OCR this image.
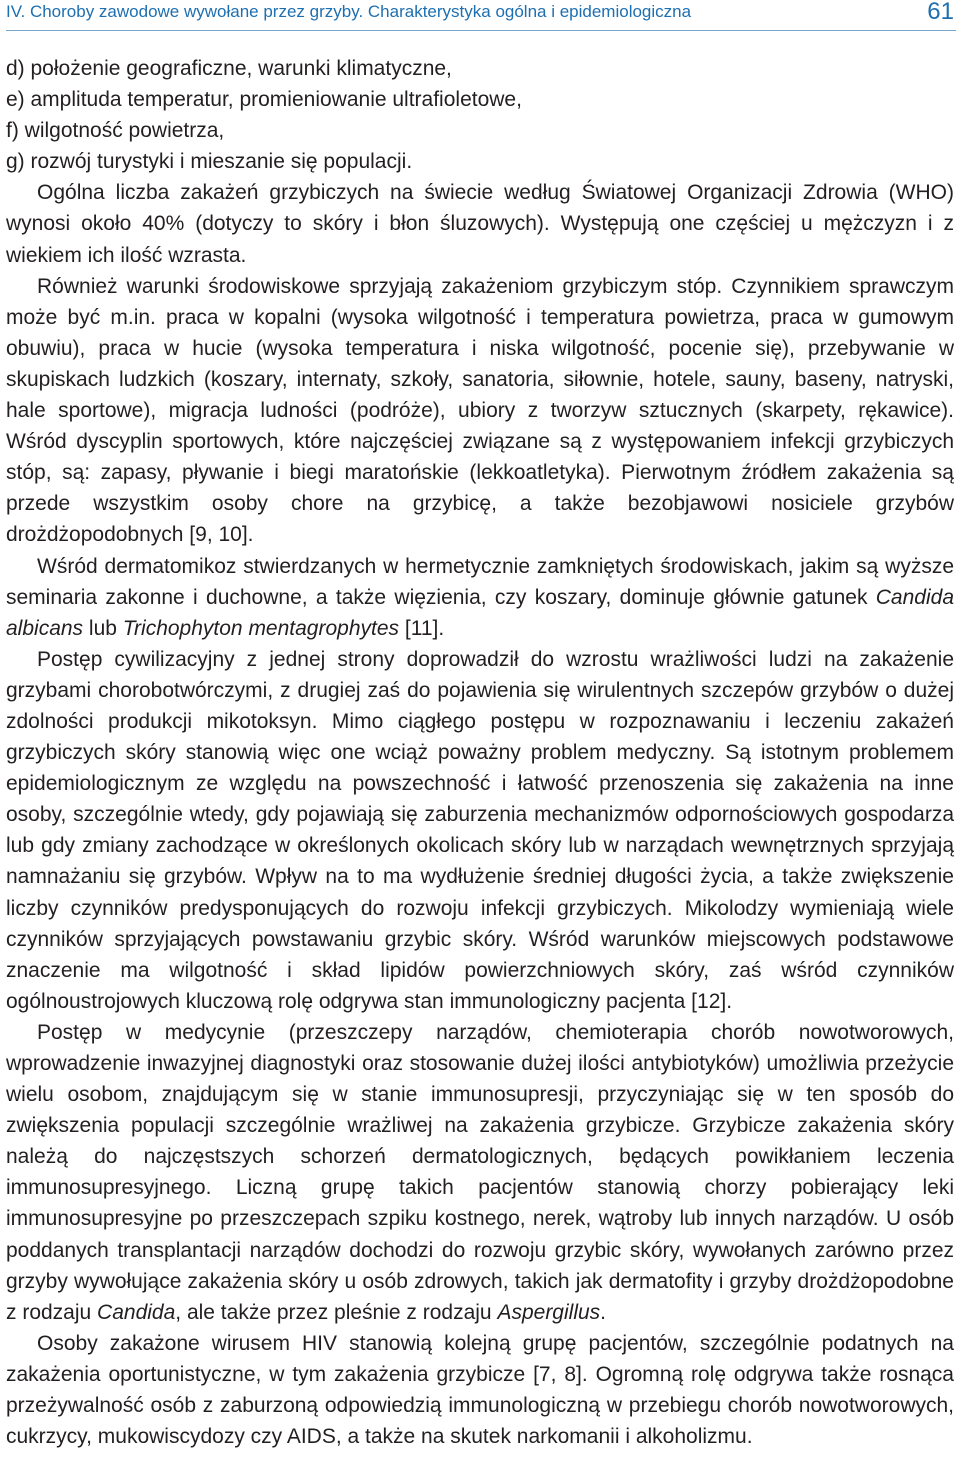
IV. Choroby zawodowe wywołane przez grzyby. Charakterystyka ogólna i epidemiologiczna	61

d) położenie geograficzne, warunki klimatyczne,

e) amplituda temperatur, promieniowanie ultrafioletowe,

f) wilgotność powietrza,

g) rozwój turystyki i mieszanie się populacji.

Ogólna liczba zakażeń grzybiczych na świecie według Światowej Organizacji Zdrowia (WHO) wynosi około 40% (dotyczy to skóry i błon śluzowych). Występują one częściej u mężczyzn i z wiekiem ich ilość wzrasta.

Również warunki środowiskowe sprzyjają zakażeniom grzybiczym stóp. Czynnikiem sprawczym może być m.in. praca w kopalni (wysoka wilgotność i temperatura powietrza, praca w gumowym obuwiu), praca w hucie (wysoka temperatura i niska wilgotność, pocenie się), przebywanie w skupiskach ludzkich (koszary, internaty, szkoły, sanatoria, siłownie, hotele, sauny, baseny, natryski, hale sportowe), migracja ludności (podróże), ubiory z tworzyw sztucznych (skarpety, rękawice). Wśród dyscyplin sportowych, które najczęściej związane są z występowaniem infekcji grzybiczych stóp, są: zapasy, pływanie i biegi maratońskie (lekkoatletyka). Pierwotnym źródłem zakażenia są przede wszystkim osoby chore na grzybicę, a także bezobjawowi nosiciele grzybów drożdżopodobnych [9, 10].

Wśród dermatomikoz stwierdzanych w hermetycznie zamkniętych środowiskach, jakim są wyższe seminaria zakonne i duchowne, a także więzienia, czy koszary, dominuje głównie gatunek Candida albicans lub Trichophyton mentagrophytes [11].

Postęp cywilizacyjny z jednej strony doprowadził do wzrostu wrażliwości ludzi na zakażenie grzybami chorobotwórczymi, z drugiej zaś do pojawienia się wirulentnych szczepów grzybów o dużej zdolności produkcji mikotoksyn. Mimo ciągłego postępu w rozpoznawaniu i leczeniu zakażeń grzybiczych skóry stanowią więc one wciąż poważny problem medyczny. Są istotnym problemem epidemiologicznym ze względu na powszechność i łatwość przenoszenia się zakażenia na inne osoby, szczególnie wtedy, gdy pojawiają się zaburzenia mechanizmów odpornościowych gospodarza lub gdy zmiany zachodzące w określonych okolicach skóry lub w narządach wewnętrznych sprzyjają namnażaniu się grzybów. Wpływ na to ma wydłużenie średniej długości życia, a także zwiększenie liczby czynników predysponujących do rozwoju infekcji grzybiczych. Mikolodzy wymieniają wiele czynników sprzyjających powstawaniu grzybic skóry. Wśród warunków miejscowych podstawowe znaczenie ma wilgotność i skład lipidów powierzchniowych skóry, zaś wśród czynników ogólnoustrojowych kluczową rolę odgrywa stan immunologiczny pacjenta [12].

Postęp w medycynie (przeszczepy narządów, chemioterapia chorób nowotworowych, wprowadzenie inwazyjnej diagnostyki oraz stosowanie dużej ilości antybiotyków) umożliwia przeżycie wielu osobom, znajdującym się w stanie immunosupresji, przyczyniając się w ten sposób do zwiększenia populacji szczególnie wrażliwej na zakażenia grzybicze. Grzybicze zakażenia skóry należą do najczęstszych schorzeń dermatologicznych, będących powikłaniem leczenia immunosupresyjnego. Liczną grupę takich pacjentów stanowią chorzy pobierający leki immunosupresyjne po przeszczepach szpiku kostnego, nerek, wątroby lub innych narządów. U osób poddanych transplantacji narządów dochodzi do rozwoju grzybic skóry, wywołanych zarówno przez grzyby wywołujące zakażenia skóry u osób zdrowych, takich jak dermatofity i grzyby drożdżopodobne z rodzaju Candida, ale także przez pleśnie z rodzaju Aspergillus.

Osoby zakażone wirusem HIV stanowią kolejną grupę pacjentów, szczególnie podatnych na zakażenia oportunistyczne, w tym zakażenia grzybicze [7, 8]. Ogromną rolę odgrywa także rosnąca przeżywalność osób z zaburzoną odpowiedzią immunologiczną w przebiegu chorób nowotworowych, cukrzycy, mukowiscydozy czy AIDS, a także na skutek narkomanii i alkoholizmu.
